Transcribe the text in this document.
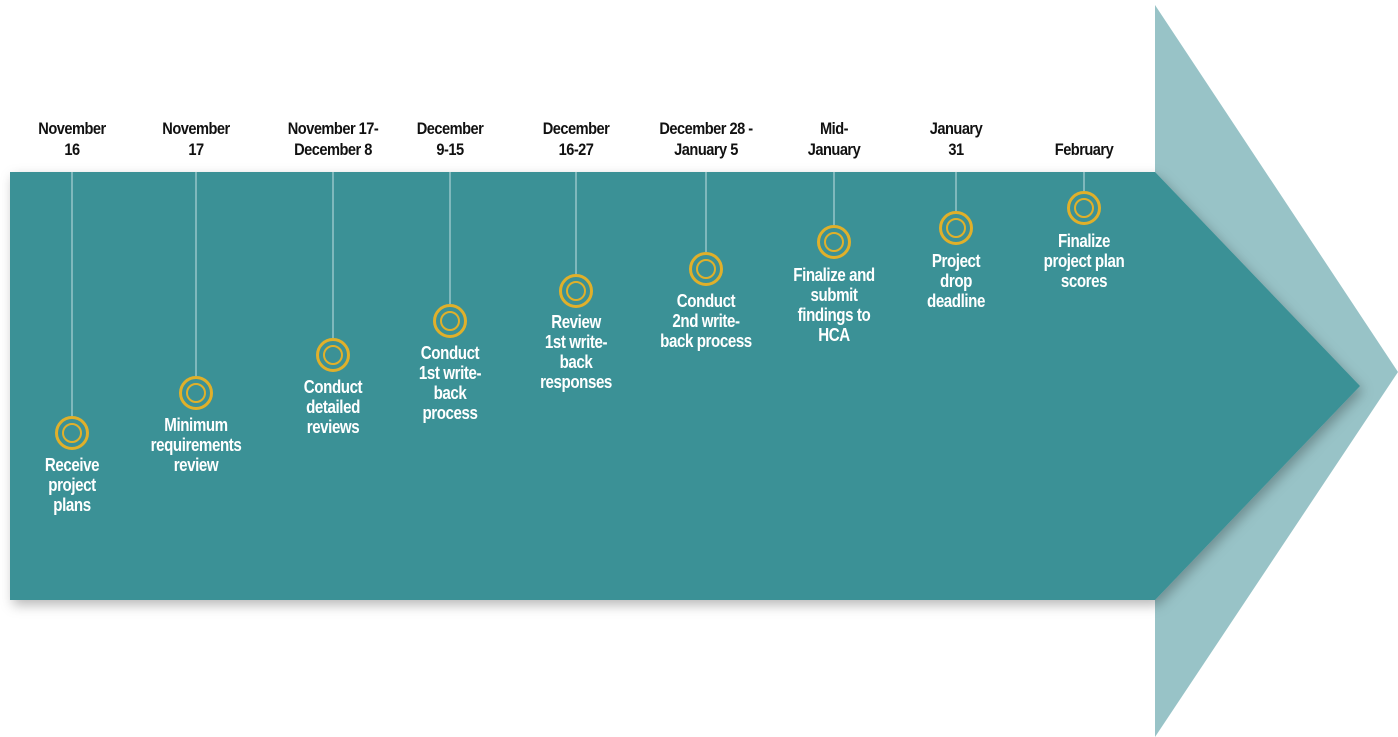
November
16
Receive
project
plans
November
17
Minimum
requirements
review
November 17-
December 8
Conduct
detailed
reviews
December
9-15
Conduct
1st write-
back
process
December
16-27
Review
1st write-
back
responses
December 28 -
January 5
Conduct
2nd write-
back process
Mid-
January
Finalize and
submit
findings to
HCA
January
31
Project
drop
deadline
February
Finalize
project plan
scores
